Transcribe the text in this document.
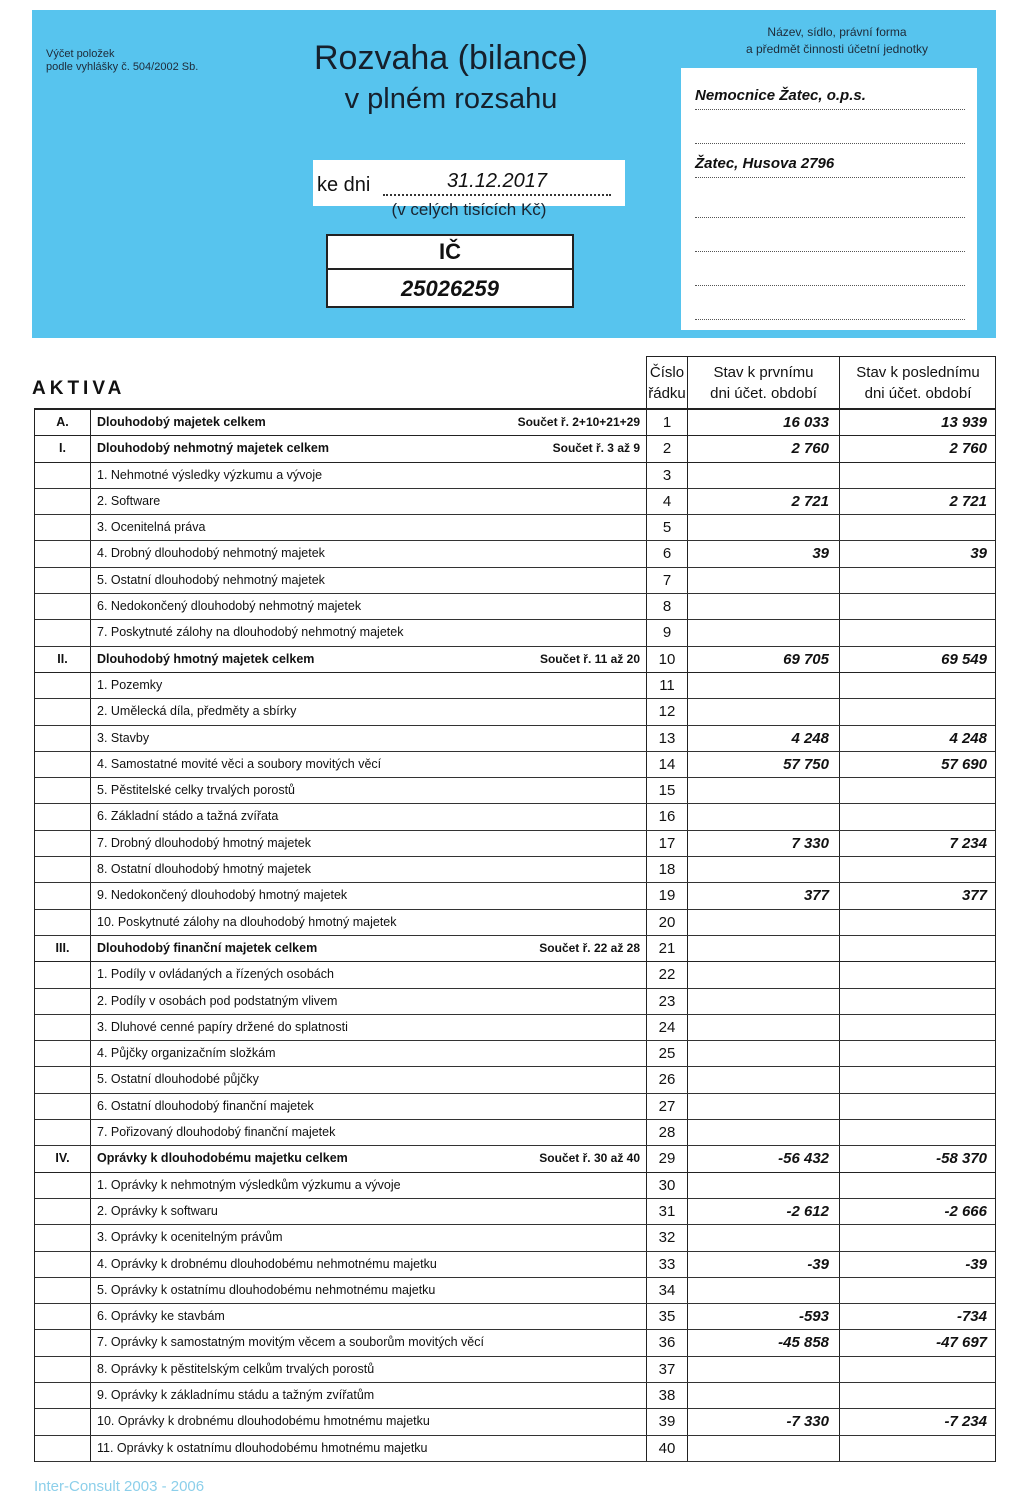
Výčet položek
podle vyhlášky č. 504/2002 Sb.	Rozvaha (bilance)
v plném rozsahu
ke dni	31.12.2017
(v celých tisících Kč)
IČ
25026259
Název, sídlo, právní forma
a předmět činnosti účetní jednotky
Nemocnice Žatec, o.p.s.
Žatec, Husova 2796
AKTIVA
Číslo
řádku
Stav k prvnímu
dni účet. období
Stav k poslednímu
dni účet. období
A.	Dlouhodobý majetek celkem	Součet ř. 2+10+21+29	1	16 033	13 939
I.	Dlouhodobý nehmotný majetek celkem	Součet ř. 3 až 9	2	2 760	2 760
1. Nehmotné výsledky výzkumu a vývoje	3
2. Software	4	2 721	2 721
3. Ocenitelná práva	5
4. Drobný dlouhodobý nehmotný majetek	6	39	39
5. Ostatní dlouhodobý nehmotný majetek	7
6. Nedokončený dlouhodobý nehmotný majetek	8
7. Poskytnuté zálohy na dlouhodobý nehmotný majetek	9
II.	Dlouhodobý hmotný majetek celkem	Součet ř. 11 až 20	10	69 705	69 549
1. Pozemky	11
2. Umělecká díla, předměty a sbírky	12
3. Stavby	13	4 248	4 248
4. Samostatné movité věci a soubory movitých věcí	14	57 750	57 690
5. Pěstitelské celky trvalých porostů	15
6. Základní stádo a tažná zvířata	16
7. Drobný dlouhodobý hmotný majetek	17	7 330	7 234
8. Ostatní dlouhodobý hmotný majetek	18
9. Nedokončený dlouhodobý hmotný majetek	19	377	377
10. Poskytnuté zálohy na dlouhodobý hmotný majetek	20
III.	Dlouhodobý finanční majetek celkem	Součet ř. 22 až 28	21
1. Podíly v ovládaných a řízených osobách	22
2. Podíly v osobách pod podstatným vlivem	23
3. Dluhové cenné papíry držené do splatnosti	24
4. Půjčky organizačním složkám	25
5. Ostatní dlouhodobé půjčky	26
6. Ostatní dlouhodobý finanční majetek	27
7. Pořizovaný dlouhodobý finanční majetek	28
IV.	Oprávky k dlouhodobému majetku celkem	Součet ř. 30 až 40	29	-56 432	-58 370
1. Oprávky k nehmotným výsledkům výzkumu a vývoje	30
2. Oprávky k softwaru	31	-2 612	-2 666
3. Oprávky k ocenitelným právům	32
4. Oprávky k drobnému dlouhodobému nehmotnému majetku	33	-39	-39
5. Oprávky k ostatnímu dlouhodobému nehmotnému majetku	34
6. Oprávky ke stavbám	35	-593	-734
7. Oprávky k samostatným movitým věcem a souborům movitých věcí	36	-45 858	-47 697
8. Oprávky k pěstitelským celkům trvalých porostů	37
9. Oprávky k základnímu stádu a tažným zvířatům	38
10. Oprávky k drobnému dlouhodobému hmotnému majetku	39	-7 330	-7 234
11. Oprávky k ostatnímu dlouhodobému hmotnému majetku	40
Inter-Consult 2003 - 2006
